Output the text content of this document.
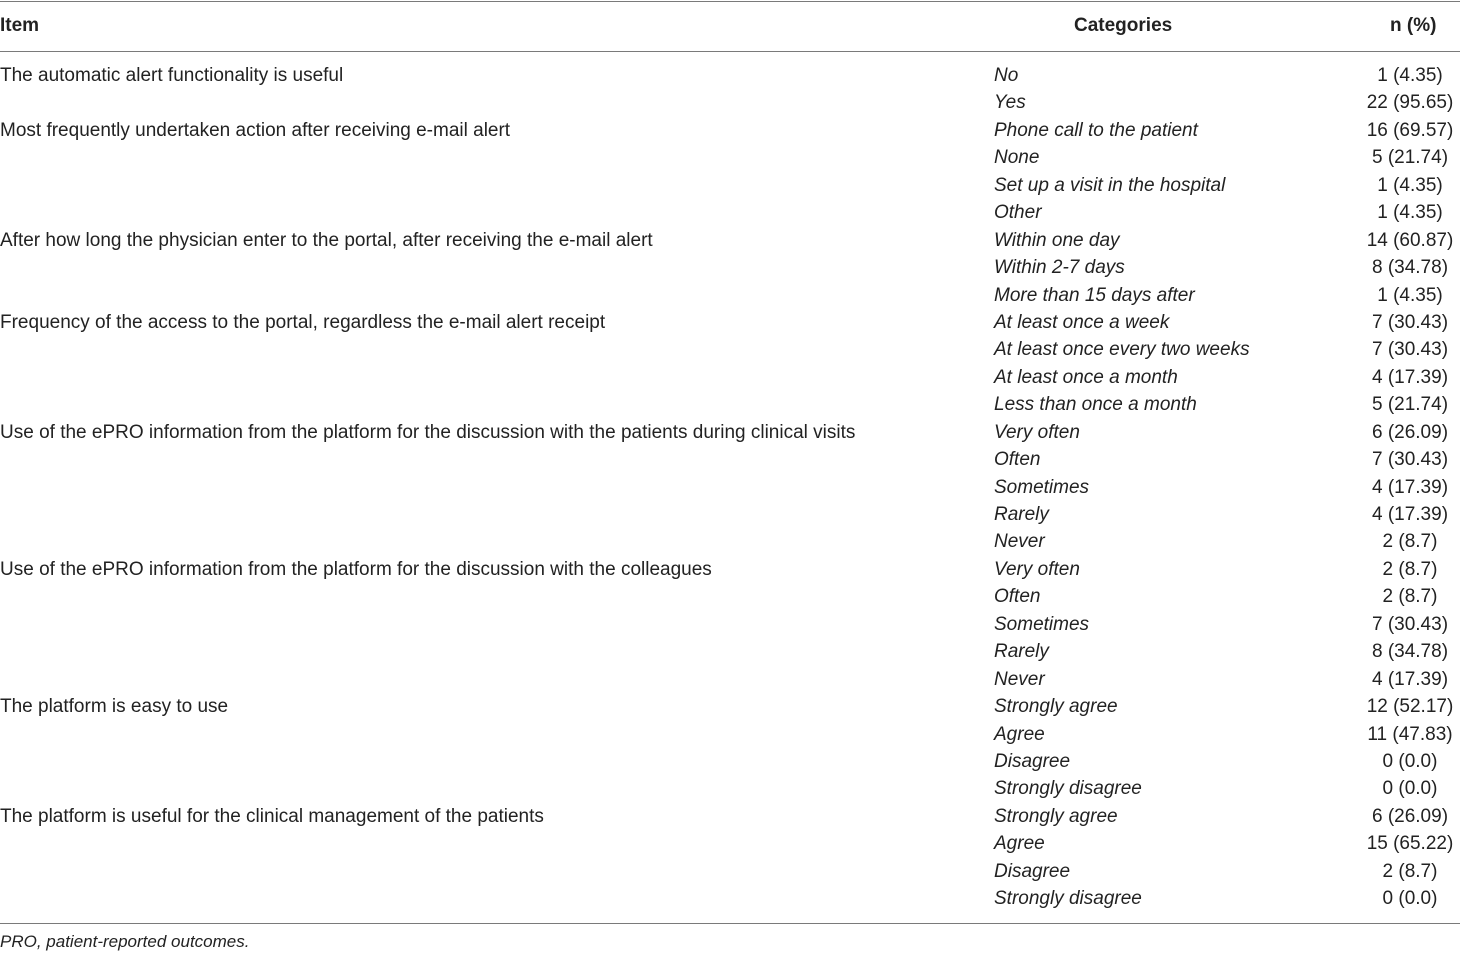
Item	Categories	n (%)
The automatic alert functionality is useful	No	1 (4.35)
Yes	22 (95.65)
Most frequently undertaken action after receiving e-mail alert	Phone call to the patient	16 (69.57)
None	5 (21.74)
Set up a visit in the hospital	1 (4.35)
Other	1 (4.35)
After how long the physician enter to the portal, after receiving the e-mail alert	Within one day	14 (60.87)
Within 2-7 days	8 (34.78)
More than 15 days after	1 (4.35)
Frequency of the access to the portal, regardless the e-mail alert receipt	At least once a week	7 (30.43)
At least once every two weeks	7 (30.43)
At least once a month	4 (17.39)
Less than once a month	5 (21.74)
Use of the ePRO information from the platform for the discussion with the patients during clinical visits	Very often	6 (26.09)
Often	7 (30.43)
Sometimes	4 (17.39)
Rarely	4 (17.39)
Never	2 (8.7)
Use of the ePRO information from the platform for the discussion with the colleagues	Very often	2 (8.7)
Often	2 (8.7)
Sometimes	7 (30.43)
Rarely	8 (34.78)
Never	4 (17.39)
The platform is easy to use	Strongly agree	12 (52.17)
Agree	11 (47.83)
Disagree	0 (0.0)
Strongly disagree	0 (0.0)
The platform is useful for the clinical management of the patients	Strongly agree	6 (26.09)
Agree	15 (65.22)
Disagree	2 (8.7)
Strongly disagree	0 (0.0)
PRO, patient-reported outcomes.
